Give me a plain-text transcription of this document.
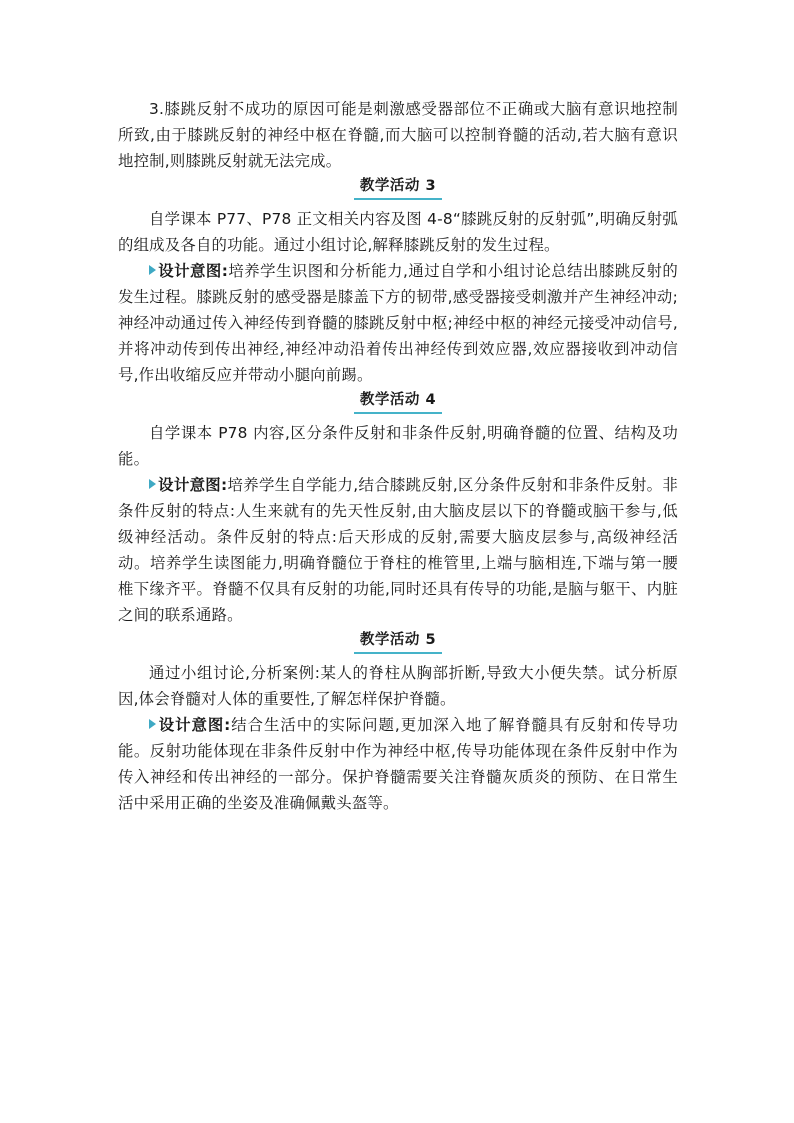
3.膝跳反射不成功的原因可能是刺激感受器部位不正确或大脑有意识地控制所致,由于膝跳反射的神经中枢在脊髓,而大脑可以控制脊髓的活动,若大脑有意识地控制,则膝跳反射就无法完成。

教学活动 3

自学课本 P77、P78 正文相关内容及图 4-8“膝跳反射的反射弧”,明确反射弧的组成及各自的功能。通过小组讨论,解释膝跳反射的发生过程。

设计意图:培养学生识图和分析能力,通过自学和小组讨论总结出膝跳反射的发生过程。膝跳反射的感受器是膝盖下方的韧带,感受器接受刺激并产生神经冲动;神经冲动通过传入神经传到脊髓的膝跳反射中枢;神经中枢的神经元接受冲动信号,并将冲动传到传出神经,神经冲动沿着传出神经传到效应器,效应器接收到冲动信号,作出收缩反应并带动小腿向前踢。

教学活动 4

自学课本 P78 内容,区分条件反射和非条件反射,明确脊髓的位置、结构及功能。

设计意图:培养学生自学能力,结合膝跳反射,区分条件反射和非条件反射。非条件反射的特点:人生来就有的先天性反射,由大脑皮层以下的脊髓或脑干参与,低级神经活动。条件反射的特点:后天形成的反射,需要大脑皮层参与,高级神经活动。培养学生读图能力,明确脊髓位于脊柱的椎管里,上端与脑相连,下端与第一腰椎下缘齐平。脊髓不仅具有反射的功能,同时还具有传导的功能,是脑与躯干、内脏之间的联系通路。

教学活动 5

通过小组讨论,分析案例:某人的脊柱从胸部折断,导致大小便失禁。试分析原因,体会脊髓对人体的重要性,了解怎样保护脊髓。

设计意图:结合生活中的实际问题,更加深入地了解脊髓具有反射和传导功能。反射功能体现在非条件反射中作为神经中枢,传导功能体现在条件反射中作为传入神经和传出神经的一部分。保护脊髓需要关注脊髓灰质炎的预防、在日常生活中采用正确的坐姿及准确佩戴头盔等。
